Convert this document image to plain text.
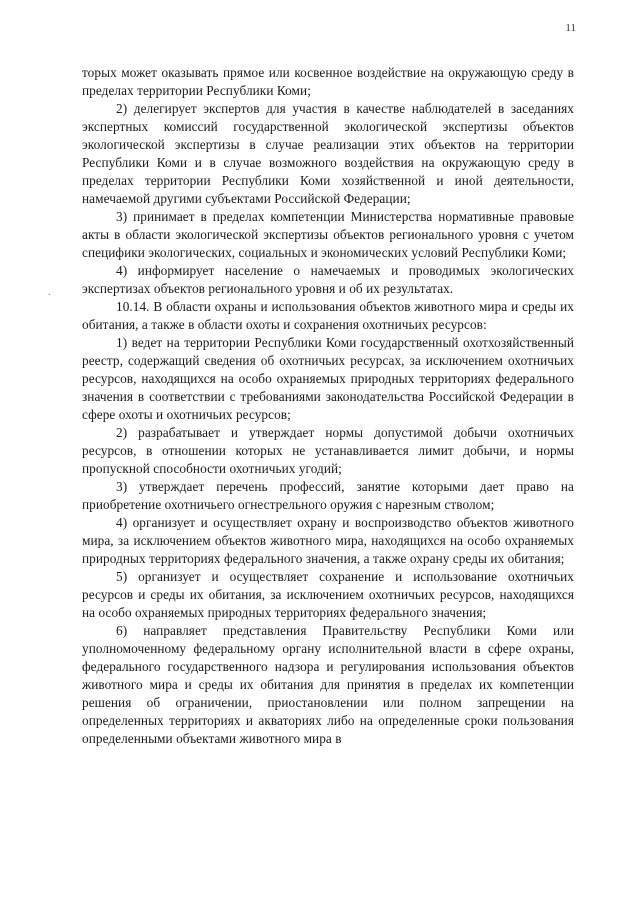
11
.

торых может оказывать прямое или косвенное воздействие на окружающую среду в пределах территории Республики Коми;

2) делегирует экспертов для участия в качестве наблюдателей в заседаниях экспертных комиссий государственной экологической экспертизы объектов экологической экспертизы в случае реализации этих объектов на территории Республики Коми и в случае возможного воздействия на окружающую среду в пределах территории Республики Коми хозяйственной и иной деятельности, намечаемой другими субъектами Российской Федерации;

3) принимает в пределах компетенции Министерства нормативные правовые акты в области экологической экспертизы объектов регионального уровня с учетом специфики экологических, социальных и экономических условий Республики Коми;

4) информирует население о намечаемых и проводимых экологических экспертизах объектов регионального уровня и об их результатах.

10.14. В области охраны и использования объектов животного мира и среды их обитания, а также в области охоты и сохранения охотничьих ресурсов:

1) ведет на территории Республики Коми государственный охотхозяйственный реестр, содержащий сведения об охотничьих ресурсах, за исключением охотничьих ресурсов, находящихся на особо охраняемых природных территориях федерального значения в соответствии с требованиями законодательства Российской Федерации в сфере охоты и охотничьих ресурсов;

2) разрабатывает и утверждает нормы допустимой добычи охотничьих ресурсов, в отношении которых не устанавливается лимит добычи, и нормы пропускной способности охотничьих угодий;

3) утверждает перечень профессий, занятие которыми дает право на приобретение охотничьего огнестрельного оружия с нарезным стволом;

4) организует и осуществляет охрану и воспроизводство объектов животного мира, за исключением объектов животного мира, находящихся на особо охраняемых природных территориях федерального значения, а также охрану среды их обитания;

5) организует и осуществляет сохранение и использование охотничьих ресурсов и среды их обитания, за исключением охотничьих ресурсов, находящихся на особо охраняемых природных территориях федерального значения;

6) направляет представления Правительству Республики Коми или уполномоченному федеральному органу исполнительной власти в сфере охраны, федерального государственного надзора и регулирования использования объектов животного мира и среды их обитания для принятия в пределах их компетенции решения об ограничении, приостановлении или полном запрещении на определенных территориях и акваториях либо на определенные сроки пользования определенными объектами животного мира в
